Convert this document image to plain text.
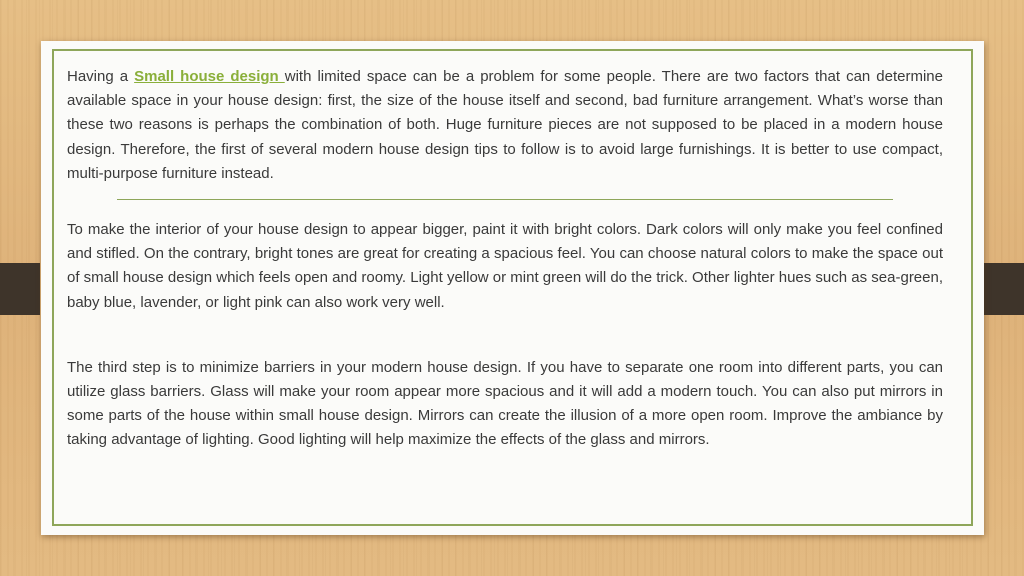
Having a Small house design with limited space can be a problem for some people. There are two factors that can determine available space in your house design: first, the size of the house itself and second, bad furniture arrangement. What’s worse than these two reasons is perhaps the combination of both. Huge furniture pieces are not supposed to be placed in a modern house design. Therefore, the first of several modern house design tips to follow is to avoid large furnishings. It is better to use compact, multi-purpose furniture instead.

To make the interior of your house design to appear bigger, paint it with bright colors. Dark colors will only make you feel confined and stifled. On the contrary, bright tones are great for creating a spacious feel. You can choose natural colors to make the space out of small house design which feels open and roomy. Light yellow or mint green will do the trick. Other lighter hues such as sea-green, baby blue, lavender, or light pink can also work very well.

The third step is to minimize barriers in your modern house design. If you have to separate one room into different parts, you can utilize glass barriers. Glass will make your room appear more spacious and it will add a modern touch. You can also put mirrors in some parts of the house within small house design. Mirrors can create the illusion of a more open room. Improve the ambiance by taking advantage of lighting. Good lighting will help maximize the effects of the glass and mirrors.
